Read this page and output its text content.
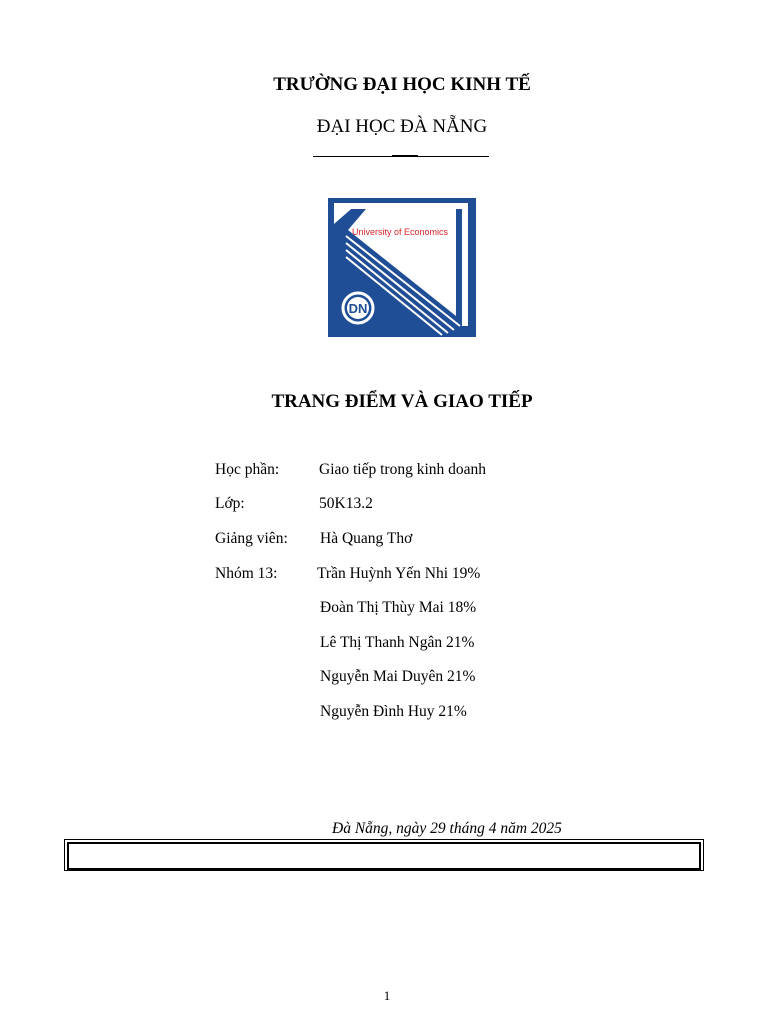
TRƯỜNG ĐẠI HỌC KINH TẾ
ĐẠI HỌC ĐÀ NẴNG
University of Economics
DN
TRANG ĐIỂM VÀ GIAO TIẾP
Học phần:	Giao tiếp trong kinh doanh
Lớp:	50K13.2
Giảng viên: Hà Quang Thơ
Nhóm 13:	Trần Huỳnh Yến Nhi 19%
Đoàn Thị Thùy Mai 18%
Lê Thị Thanh Ngân 21%
Nguyễn Mai Duyên 21%
Nguyễn Đình Huy 21%
Đà Nẵng, ngày 29 tháng 4 năm 2025
1
